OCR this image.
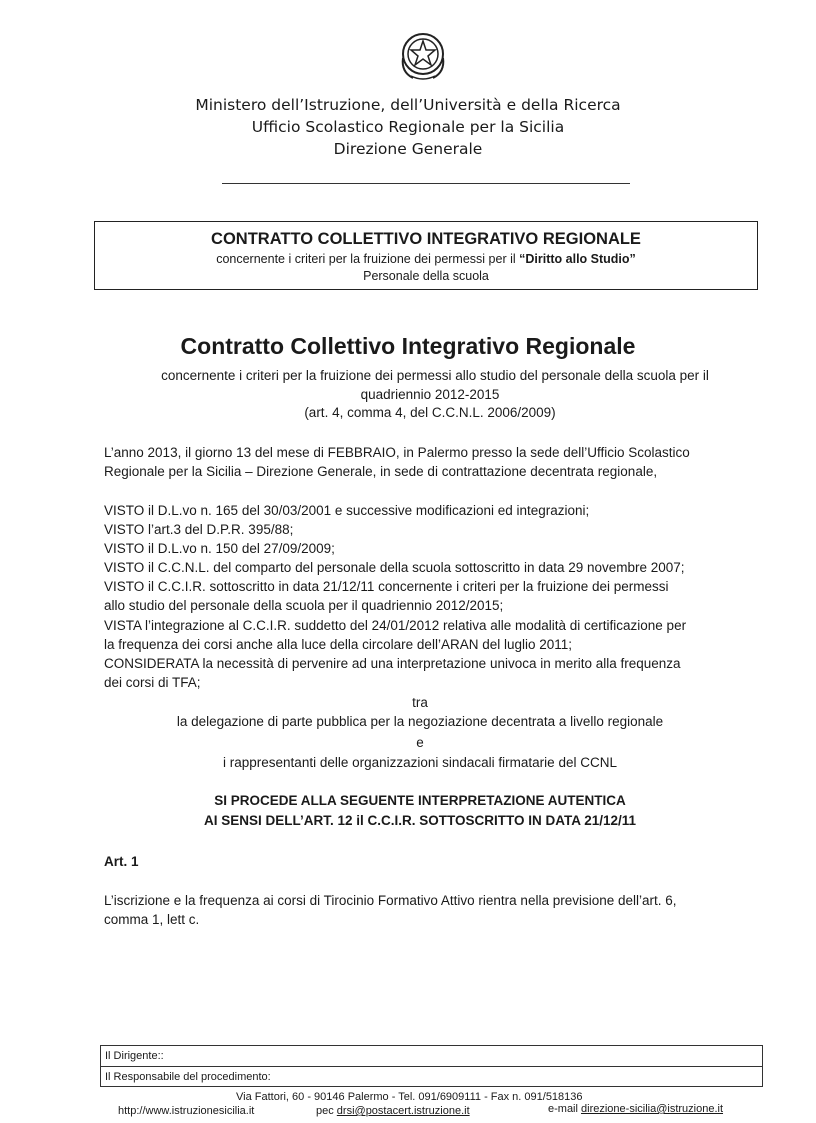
Ministero dell’Istruzione, dell’Università e della Ricerca
Ufficio Scolastico Regionale per la Sicilia
Direzione Generale
CONTRATTO COLLETTIVO INTEGRATIVO REGIONALE
concernente i criteri per la fruizione dei permessi per il “Diritto allo Studio”
Personale della scuola
Contratto Collettivo Integrativo Regionale
concernente i criteri per la fruizione dei permessi allo studio del personale della scuola per il
quadriennio 2012-2015
(art. 4, comma 4, del C.C.N.L. 2006/2009)
L’anno 2013, il giorno 13 del mese di FEBBRAIO, in Palermo presso la sede dell’Ufficio Scolastico
Regionale per la Sicilia – Direzione Generale, in sede di contrattazione decentrata regionale,
VISTO il D.L.vo n. 165 del 30/03/2001 e successive modificazioni ed integrazioni;
VISTO l’art.3 del D.P.R. 395/88;
VISTO il D.L.vo n. 150 del 27/09/2009;
VISTO il C.C.N.L. del comparto del personale della scuola sottoscritto in data 29 novembre 2007;
VISTO il C.C.I.R. sottoscritto in data 21/12/11 concernente i criteri per la fruizione dei permessi
allo studio del personale della scuola per il quadriennio 2012/2015;
VISTA l’integrazione al C.C.I.R. suddetto del 24/01/2012 relativa alle modalità di certificazione per
la frequenza dei corsi anche alla luce della circolare dell’ARAN del luglio 2011;
CONSIDERATA la necessità di pervenire ad una interpretazione univoca in merito alla frequenza
dei corsi di TFA;
tra
la delegazione di parte pubblica per la negoziazione decentrata a livello regionale
e
i rappresentanti delle organizzazioni sindacali firmatarie del CCNL
SI PROCEDE ALLA SEGUENTE INTERPRETAZIONE AUTENTICA
AI SENSI DELL’ART. 12 il C.C.I.R. SOTTOSCRITTO IN DATA 21/12/11
Art. 1
L’iscrizione e la frequenza ai corsi di Tirocinio Formativo Attivo rientra nella previsione dell’art. 6,
comma 1, lett c.
Il Dirigente::
Il Responsabile del procedimento:
Via Fattori, 60 - 90146 Palermo - Tel. 091/6909111 - Fax n. 091/518136
http://www.istruzionesicilia.it	pec drsi@postacert.istruzione.it	e-mail direzione-sicilia@istruzione.it
